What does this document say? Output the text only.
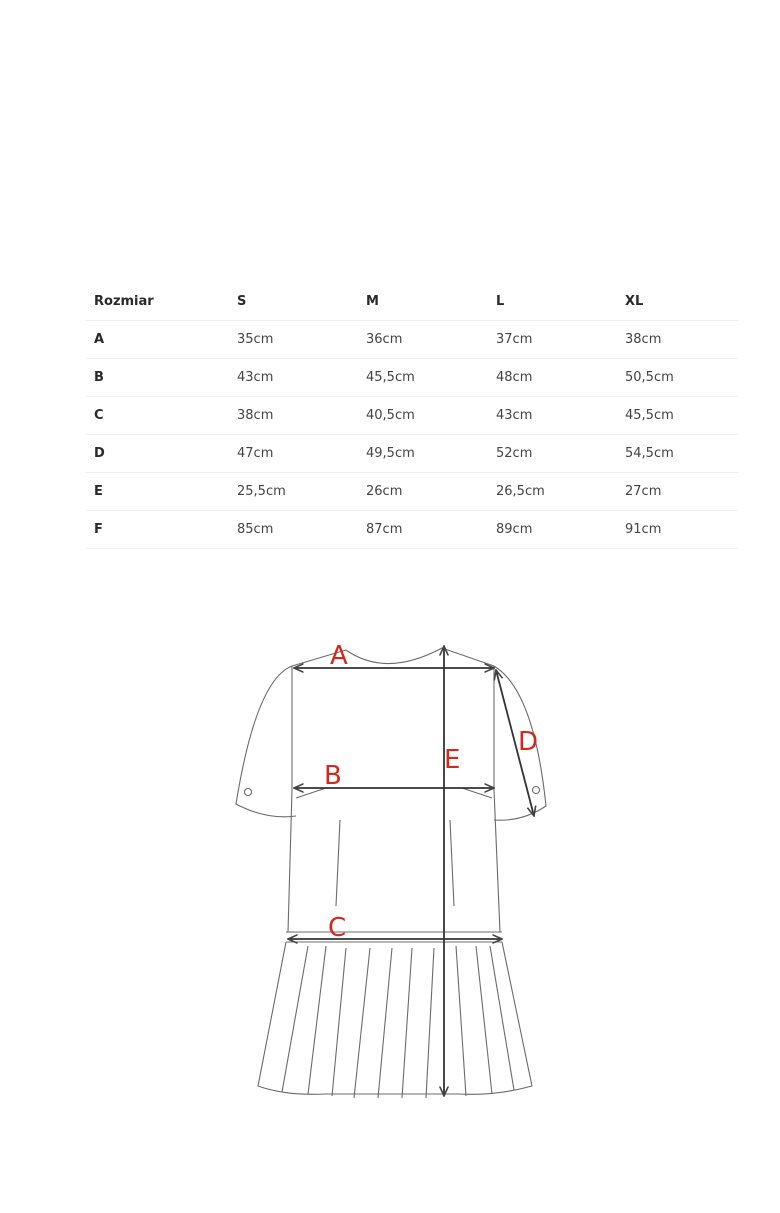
Rozmiar	S	M	L	XL
A	35cm	36cm	37cm	38cm
B	43cm	45,5cm	48cm	50,5cm
C	38cm	40,5cm	43cm	45,5cm
D	47cm	49,5cm	52cm	54,5cm
E	25,5cm	26cm	26,5cm	27cm
F	85cm	87cm	89cm	91cm
A
B
C
D
E
